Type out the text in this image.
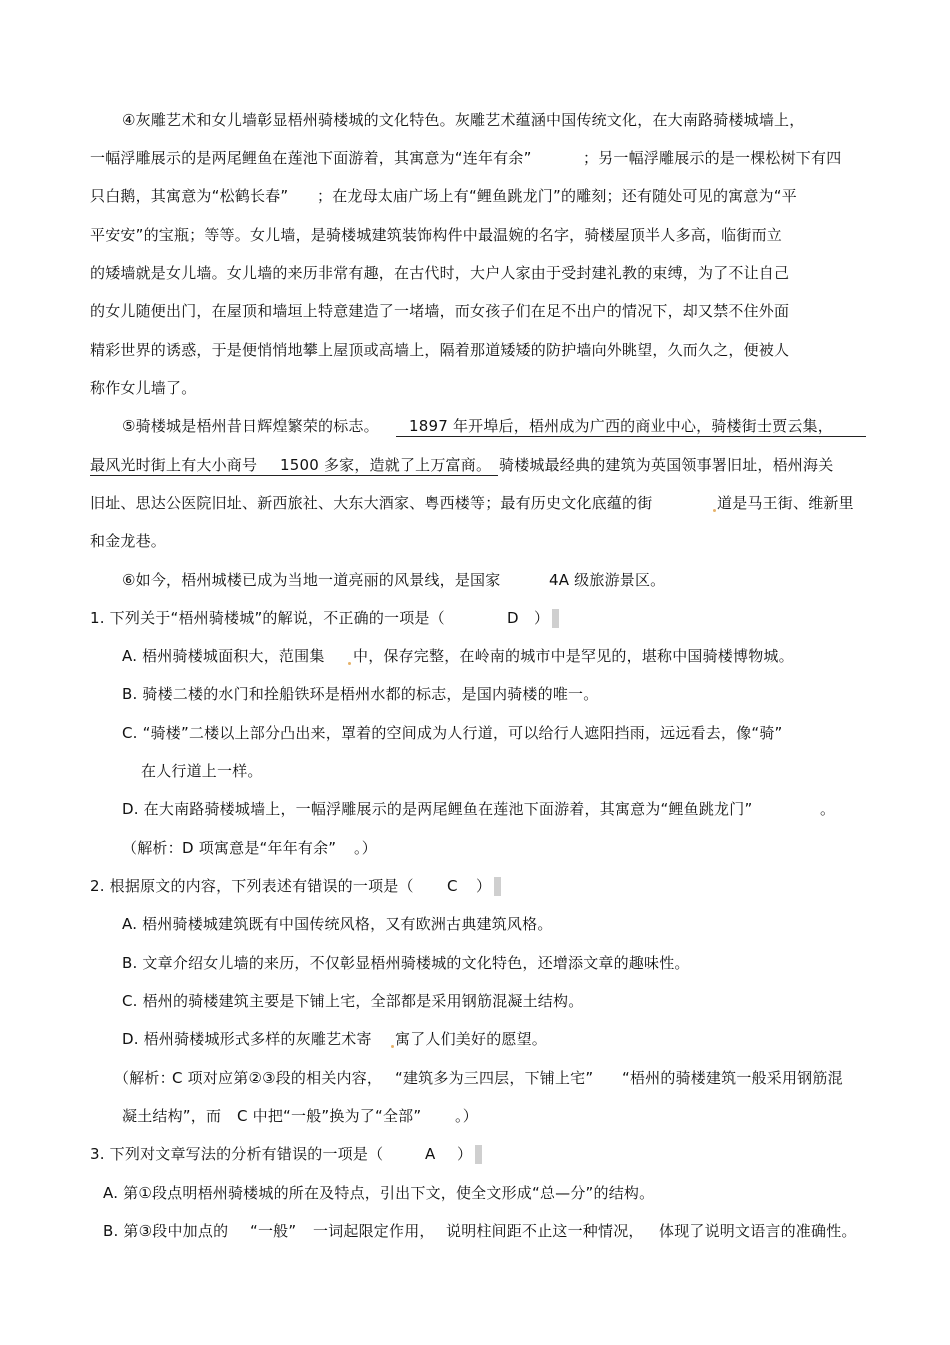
④灰雕艺术和女儿墙彰显梧州骑楼城的文化特色。灰雕艺术蕴涵中国传统文化，在大南路骑楼城墙上，
一幅浮雕展示的是两尾鲤鱼在莲池下面游着，其寓意为“连年有余”	；另一幅浮雕展示的是一棵松树下有四
只白鹅，其寓意为“松鹤长春” ；在龙母太庙广场上有“鲤鱼跳龙门”的雕刻；还有随处可见的寓意为“平
平安安”的宝瓶；等等。女儿墙，是骑楼城建筑装饰构件中最温婉的名字，骑楼屋顶半人多高，临街而立
的矮墙就是女儿墙。女儿墙的来历非常有趣，在古代时，大户人家由于受封建礼教的束缚，为了不让自己
的女儿随便出门，在屋顶和墙垣上特意建造了一堵墙，而女孩子们在足不出户的情况下，却又禁不住外面
精彩世界的诱惑，于是便悄悄地攀上屋顶或高墙上，隔着那道矮矮的防护墙向外眺望，久而久之，便被人
称作女儿墙了。
⑤骑楼城是梧州昔日辉煌繁荣的标志。 1897 年开埠后，梧州成为广西的商业中心，骑楼街士贾云集，
最风光时街上有大小商号 1500 多家，造就了上万富商。 骑楼城最经典的建筑为英国领事署旧址，梧州海关
旧址、思达公医院旧址、新西旅社、大东大酒家、粤西楼等；最有历史文化底蕴的街	道是马王街、维新里
和金龙巷。
⑥如今，梧州城楼已成为当地一道亮丽的风景线，是国家	4A 级旅游景区。
1. 下列关于“梧州骑楼城”的解说，不正确的一项是（	D ）
A. 梧州骑楼城面积大，范围集 中，保存完整，在岭南的城市中是罕见的，堪称中国骑楼博物城。
B. 骑楼二楼的水门和拴船铁环是梧州水都的标志，是国内骑楼的唯一。
C. “骑楼”二楼以上部分凸出来，罩着的空间成为人行道，可以给行人遮阳挡雨，远远看去，像“骑”
在人行道上一样。
D. 在大南路骑楼城墙上，一幅浮雕展示的是两尾鲤鱼在莲池下面游着，其寓意为“鲤鱼跳龙门”	。
（解析： D 项寓意是“年年有余” 。）
2. 根据原文的内容，下列表述有错误的一项是（ C ）
A. 梧州骑楼城建筑既有中国传统风格，又有欧洲古典建筑风格。
B. 文章介绍女儿墙的来历，不仅彰显梧州骑楼城的文化特色，还增添文章的趣味性。
C. 梧州的骑楼建筑主要是下铺上宅，全部都是采用钢筋混凝土结构。
D. 梧州骑楼城形式多样的灰雕艺术寄 寓了人们美好的愿望。
（解析：
C 项对应第②③段的相关内容， “建筑多为三四层，下铺上宅” “梧州的骑楼建筑一般采用钢筋混
凝土结构”，而 C 中把“一般”换为了“全部” 。）
3. 下列对文章写法的分析有错误的一项是（	A ）
A. 第①段点明梧州骑楼城的所在及特点，引出下文，使全文形成“总—分”的结构。
B. 第③段中加点的 “一般” 一词起限定作用， 说明柱间距不止这一种情况， 体现了说明文语言的准确性。
